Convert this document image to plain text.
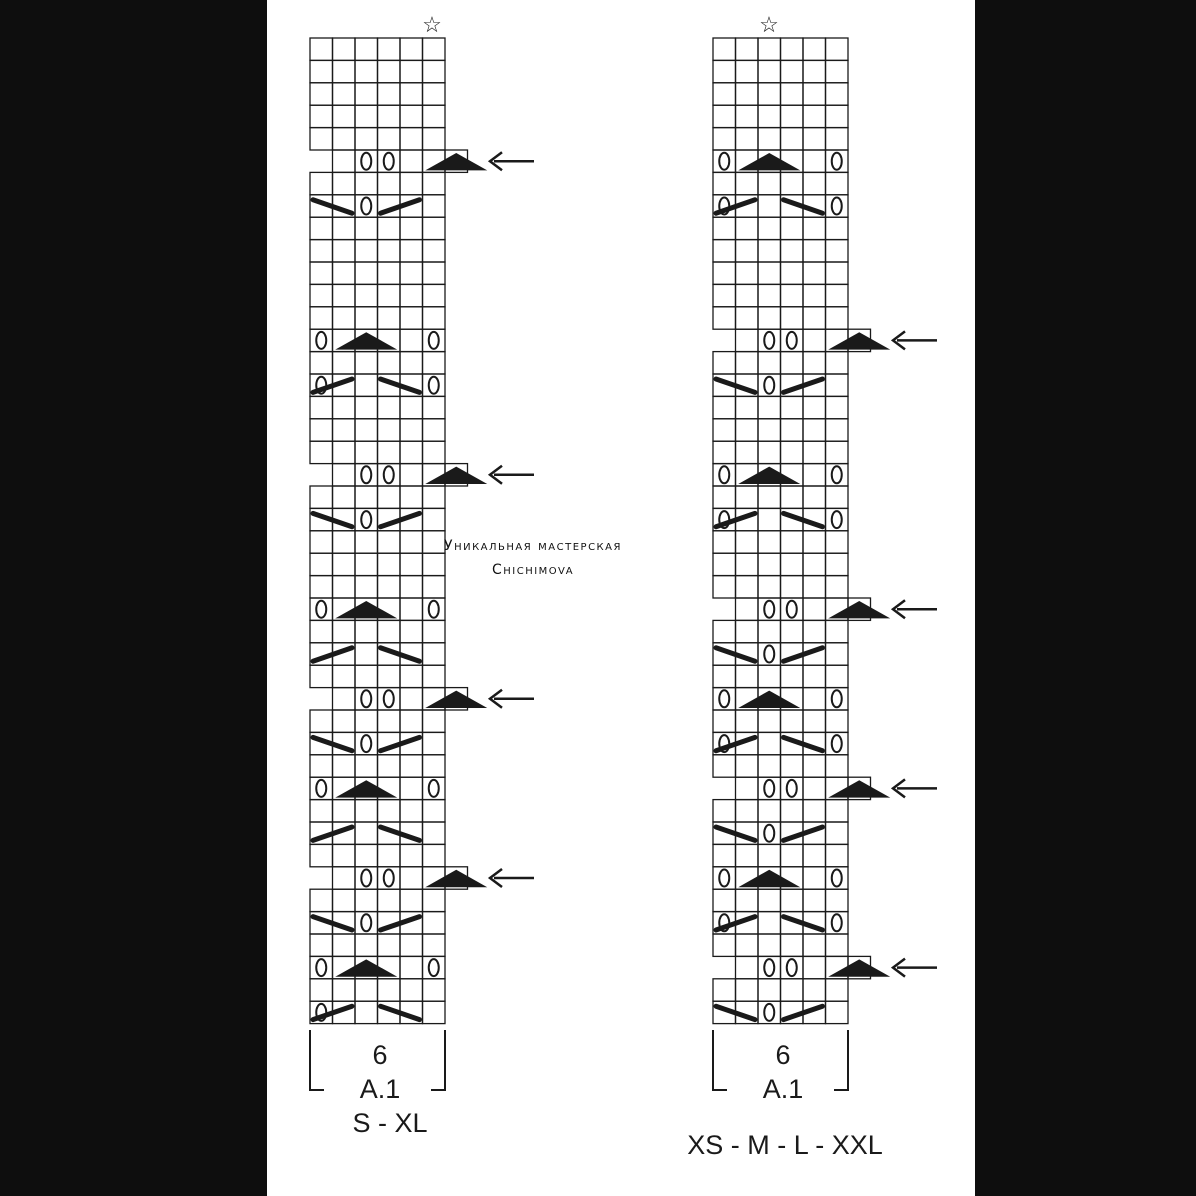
Уникальная мастерская
Chichimova
6
A.1
S - XL
☆
6
A.1
XS - M - L - XXL
☆
